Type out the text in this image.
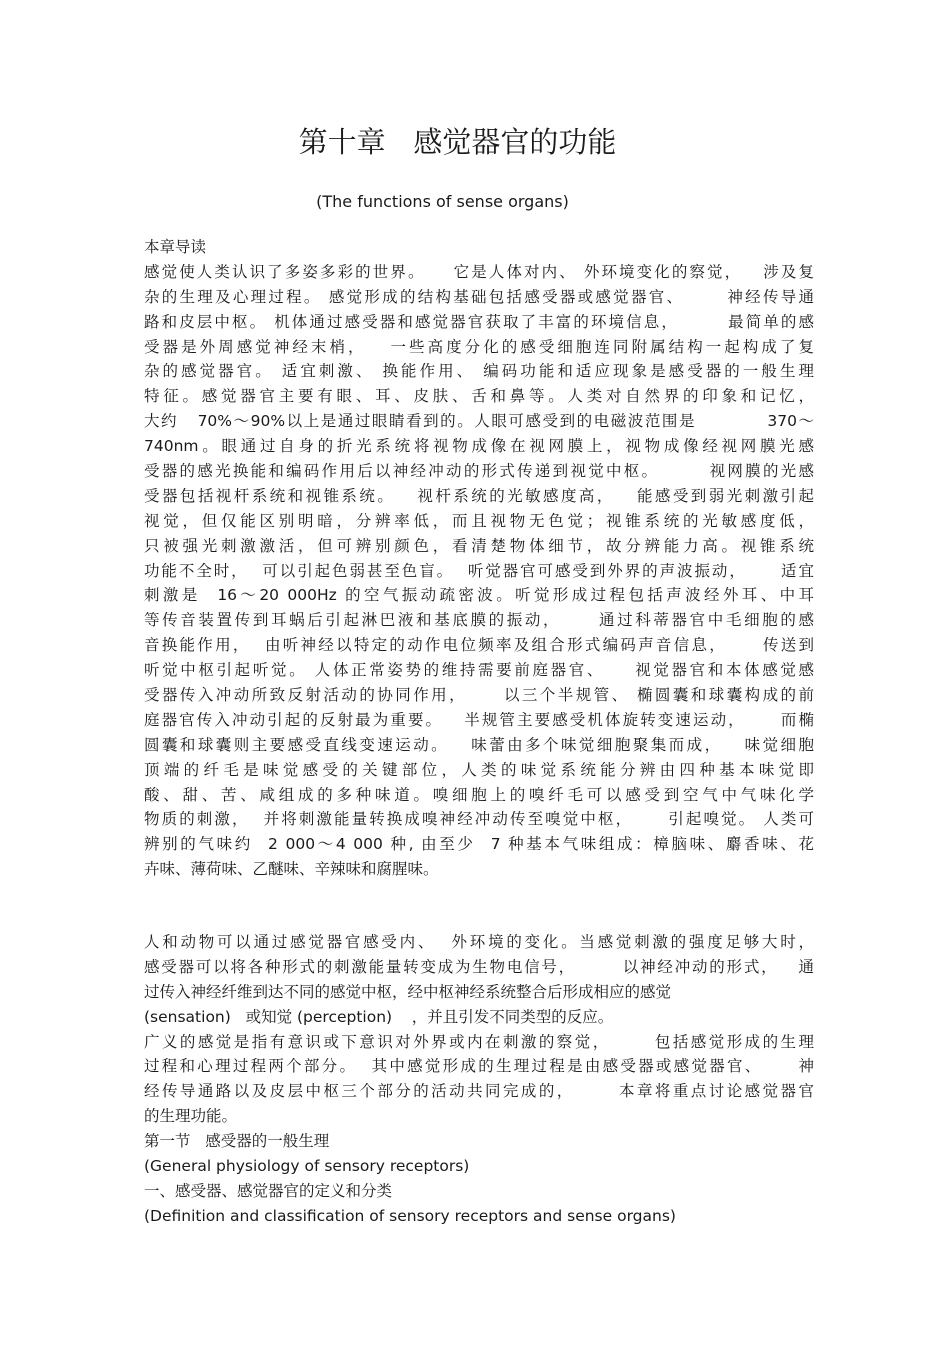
第十章   感觉器官的功能
(The functions of sense organs)
本章导读
感觉使人类认识了多姿多彩的世界。    它是人体对内、 外环境变化的察觉，   涉及复
杂的生理及心理过程。 感觉形成的结构基础包括感受器或感觉器官、      神经传导通
路和皮层中枢。 机体通过感受器和感觉器官获取了丰富的环境信息，       最简单的感
受器是外周感觉神经末梢，   一些高度分化的感受细胞连同附属结构一起构成了复
杂的感觉器官。 适宜刺激、 换能作用、 编码功能和适应现象是感受器的一般生理
特征。感觉器官主要有眼、耳、皮肤、舌和鼻等。人类对自然界的印象和记忆，
大约   70%～90%以上是通过眼睛看到的。人眼可感受到的电磁波范围是           370～
740nm。眼通过自身的折光系统将视物成像在视网膜上，视物成像经视网膜光感
受器的感光换能和编码作用后以神经冲动的形式传递到视觉中枢。       视网膜的光感
受器包括视杆系统和视锥系统。   视杆系统的光敏感度高，   能感受到弱光刺激引起
视觉，但仅能区别明暗，分辨率低，而且视物无色觉；视锥系统的光敏感度低，
只被强光刺激激活，但可辨别颜色，看清楚物体细节，故分辨能力高。视锥系统
功能不全时，  可以引起色弱甚至色盲。  听觉器官可感受到外界的声波振动，     适宜
刺激是  16～20 000Hz 的空气振动疏密波。听觉形成过程包括声波经外耳、中耳
等传音装置传到耳蜗后引起淋巴液和基底膜的振动，     通过科蒂器官中毛细胞的感
音换能作用，  由听神经以特定的动作电位频率及组合形式编码声音信息，     传送到
听觉中枢引起听觉。 人体正常姿势的维持需要前庭器官、    视觉器官和本体感觉感
受器传入冲动所致反射活动的协同作用，     以三个半规管、 椭圆囊和球囊构成的前
庭器官传入冲动引起的反射最为重要。   半规管主要感受机体旋转变速运动，     而椭
圆囊和球囊则主要感受直线变速运动。   味蕾由多个味觉细胞聚集而成，   味觉细胞
顶端的纤毛是味觉感受的关键部位，人类的味觉系统能分辨由四种基本味觉即
酸、甜、苦、咸组成的多种味道。嗅细胞上的嗅纤毛可以感受到空气中气味化学
物质的刺激，  并将刺激能量转换成嗅神经冲动传至嗅觉中枢，     引起嗅觉。 人类可
辨别的气味约  2 000～4 000 种, 由至少  7 种基本气味组成：樟脑味、麝香味、花
卉味、薄荷味、乙醚味、辛辣味和腐腥味。
人和动物可以通过感觉器官感受内、  外环境的变化。当感觉刺激的强度足够大时，
感受器可以将各种形式的刺激能量转变成为生物电信号，       以神经冲动的形式，   通
过传入神经纤维到达不同的感觉中枢，经中枢神经系统整合后形成相应的感觉
(sensation)   或知觉 (perception)    ，并且引发不同类型的反应。
广义的感觉是指有意识或下意识对外界或内在刺激的察觉，      包括感觉形成的生理
过程和心理过程两个部分。  其中感觉形成的生理过程是由感受器或感觉器官、     神
经传导通路以及皮层中枢三个部分的活动共同完成的，      本章将重点讨论感觉器官
的生理功能。
第一节   感受器的一般生理
(General physiology of sensory receptors)
一、感受器、感觉器官的定义和分类
(Definition and classification of sensory receptors and sense organs)
